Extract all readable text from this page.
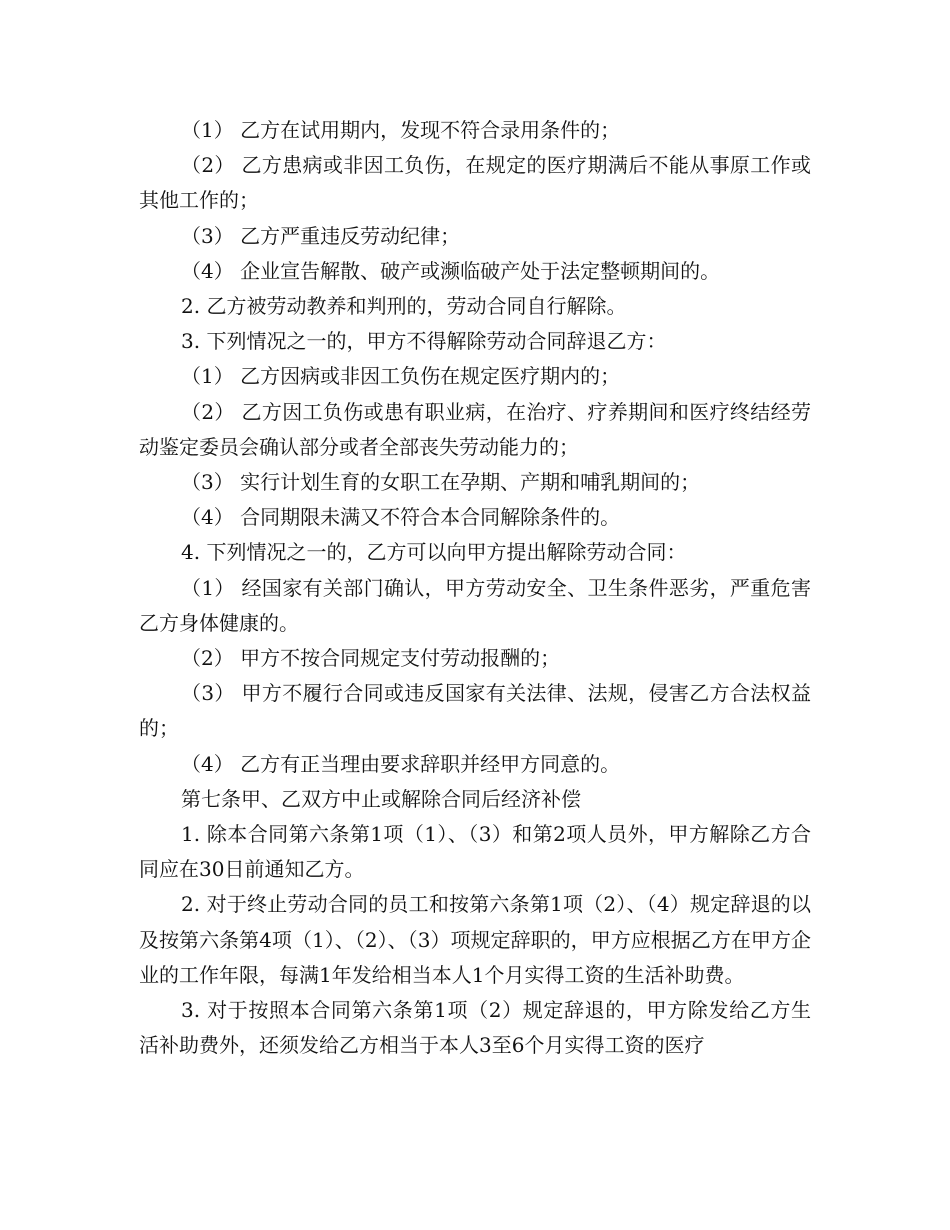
（1） 乙方在试用期内，发现不符合录用条件的；

（2） 乙方患病或非因工负伤，在规定的医疗期满后不能从事原工作或其他工作的；

（3） 乙方严重违反劳动纪律；

（4） 企业宣告解散、破产或濒临破产处于法定整顿期间的。

2. 乙方被劳动教养和判刑的，劳动合同自行解除。

3. 下列情况之一的，甲方不得解除劳动合同辞退乙方：

（1） 乙方因病或非因工负伤在规定医疗期内的；

（2） 乙方因工负伤或患有职业病，在治疗、疗养期间和医疗终结经劳动鉴定委员会确认部分或者全部丧失劳动能力的；

（3） 实行计划生育的女职工在孕期、产期和哺乳期间的；

（4） 合同期限未满又不符合本合同解除条件的。

4. 下列情况之一的，乙方可以向甲方提出解除劳动合同：

（1） 经国家有关部门确认，甲方劳动安全、卫生条件恶劣，严重危害乙方身体健康的。

（2） 甲方不按合同规定支付劳动报酬的；

（3） 甲方不履行合同或违反国家有关法律、法规，侵害乙方合法权益的；

（4） 乙方有正当理由要求辞职并经甲方同意的。

第七条甲、乙双方中止或解除合同后经济补偿

1. 除本合同第六条第1项（1）、（3）和第2项人员外，甲方解除乙方合同应在30日前通知乙方。

2. 对于终止劳动合同的员工和按第六条第1项（2）、（4）规定辞退的以及按第六条第4项（1）、（2）、（3）项规定辞职的，甲方应根据乙方在甲方企业的工作年限，每满1年发给相当本人1个月实得工资的生活补助费。

3. 对于按照本合同第六条第1项（2）规定辞退的，甲方除发给乙方生活补助费外，还须发给乙方相当于本人3至6个月实得工资的医疗
